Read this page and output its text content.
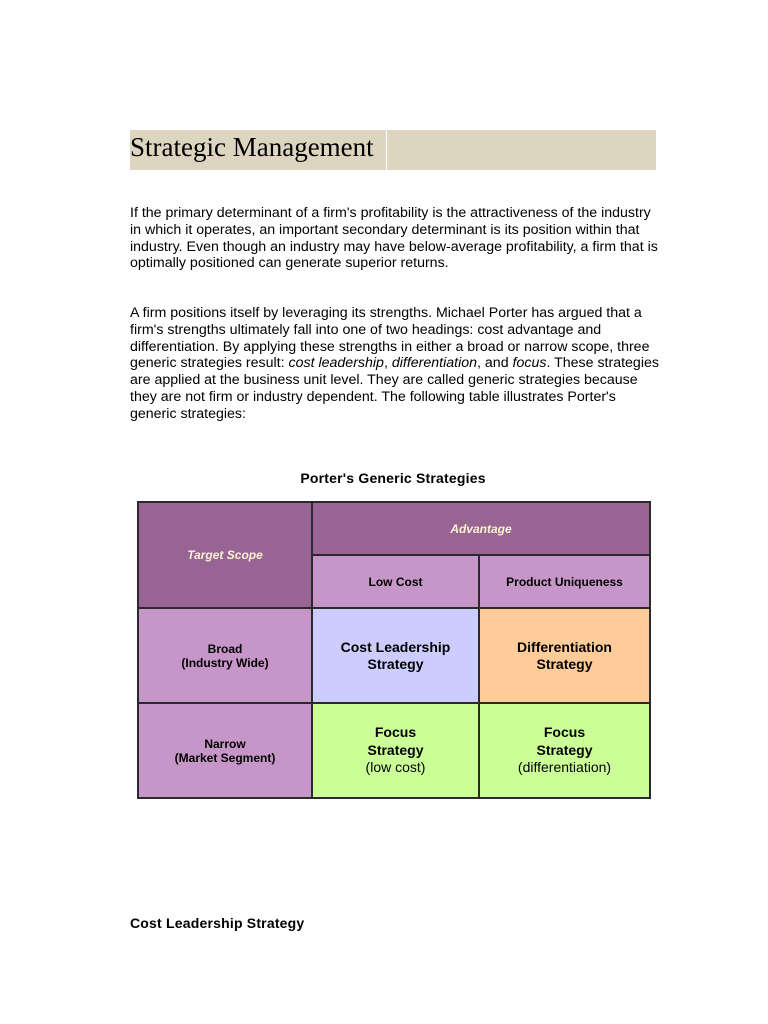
Strategic Management

If the primary determinant of a firm's profitability is the attractiveness of the industry in which it operates, an important secondary determinant is its position within that industry. Even though an industry may have below-average profitability, a firm that is optimally positioned can generate superior returns.

A firm positions itself by leveraging its strengths. Michael Porter has argued that a firm's strengths ultimately fall into one of two headings: cost advantage and differentiation. By applying these strengths in either a broad or narrow scope, three generic strategies result: cost leadership, differentiation, and focus. These strategies are applied at the business unit level. They are called generic strategies because they are not firm or industry dependent. The following table illustrates Porter's generic strategies:

Porter's Generic Strategies
Target Scope
Advantage
Low Cost	Product Uniqueness
Broad
(Industry Wide)
Cost Leadership
Strategy
Differentiation
Strategy
Narrow
(Market Segment)
Focus
Strategy
(low cost)
Focus
Strategy
(differentiation)
Cost Leadership Strategy
